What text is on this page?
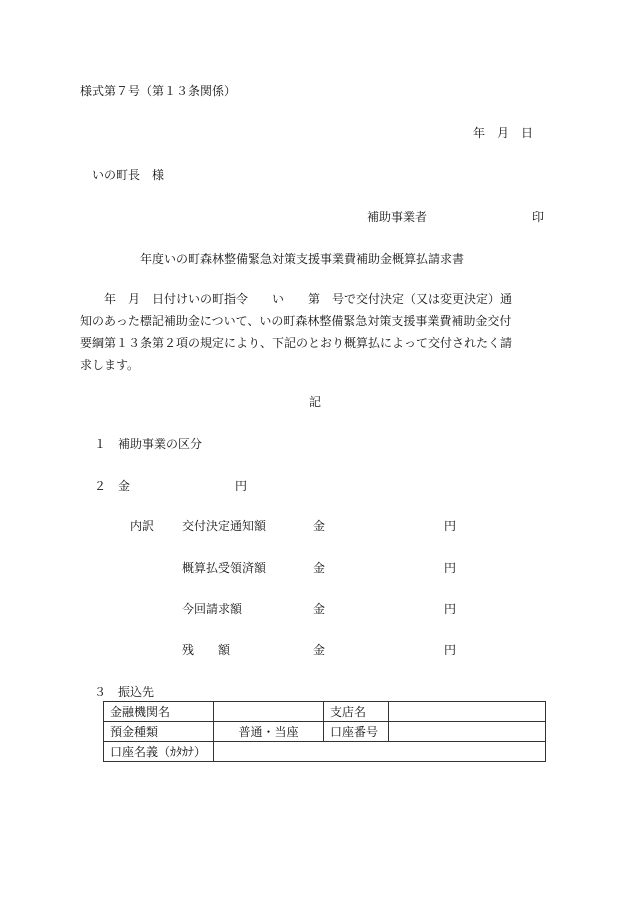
様式第７号（第１３条関係）
年　月　日
いの町長　様
補助事業者	印
年度いの町森林整備緊急対策支援事業費補助金概算払請求書
年　月　日付けいの町指令　　い　　第　号で交付決定（又は変更決定）通
知のあった標記補助金について、いの町森林整備緊急対策支援事業費補助金交付
要綱第１３条第２項の規定により、下記のとおり概算払によって交付されたく請
求します。
記
１ 補助事業の区分
２ 金	円
内訳 交付決定通知額	金	円
概算払受領済額	金	円
今回請求額	金	円
残　　額	金	円
３ 振込先
金融機関名		支店名	
預金種類	普通・当座	口座番号	
口座名義（ｶﾀｶﾅ）			
